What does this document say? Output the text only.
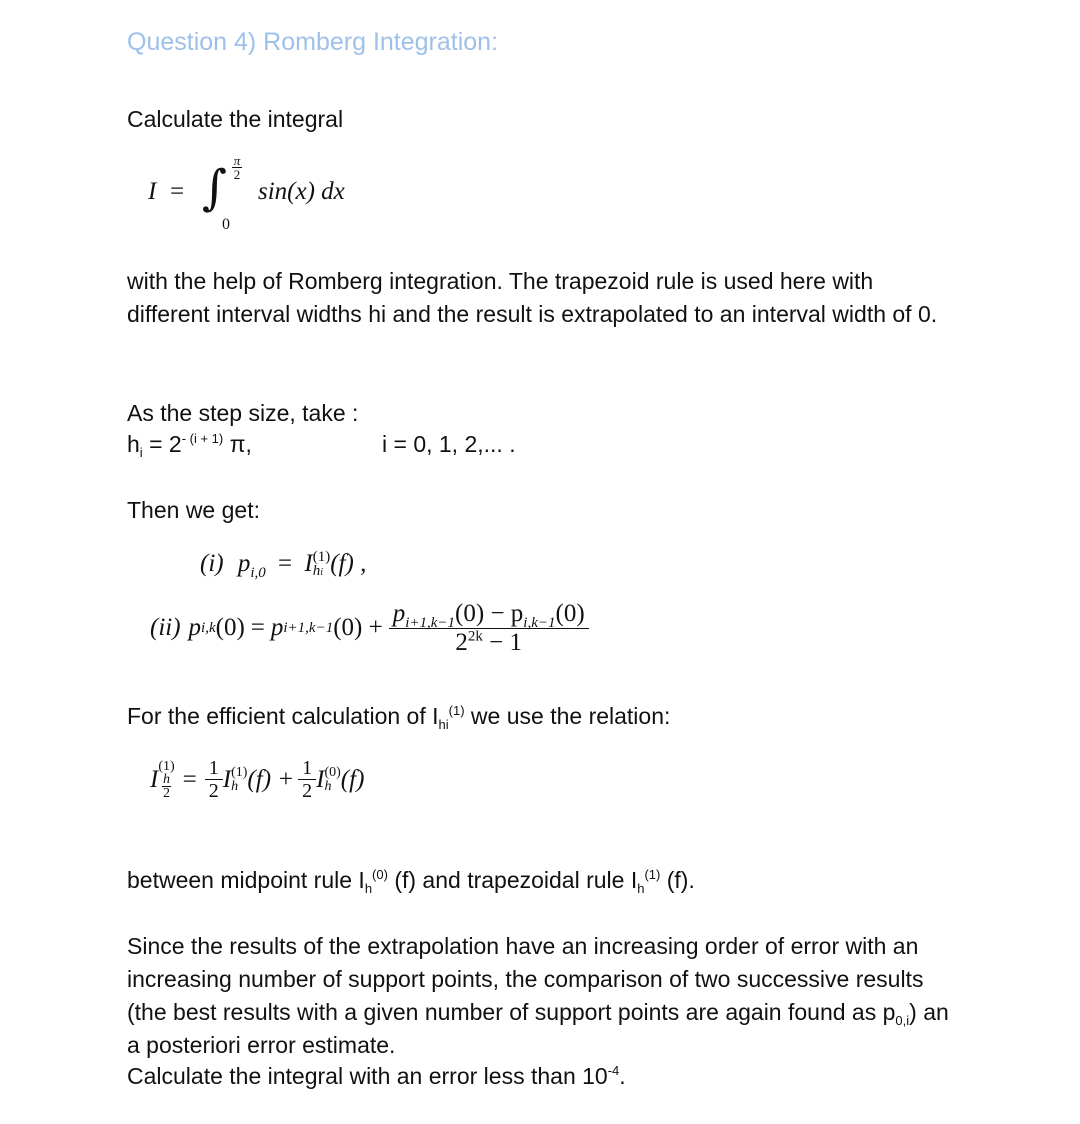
Question 4) Romberg Integration:
Calculate the integral
I = ∫ π
2
0
sin(x) dx
with the help of Romberg integration. The trapezoid rule is used here with different interval widths hi and the result is extrapolated to an interval width of 0.
As the step size, take :
$h_i = 2^{- (i + 1)}$ π,	i = 0, 1, 2,... .
Then we get:
(i) $p_{i,0} = I$ (1)
hi (f) ,
(ii) p i,k (0) = p i+1,k−1 $(0) + \frac{p_{i+1,k-1}(0) - p_{i,k-1}(0)}{2^{2k} - 1}$
For the efficient calculation of $I_{hi}^{(1)}$ we use the relation:
I (1)
h
2
= $\frac{1}{2}$ I (1)
h $(f) + \frac{1}{2}$ I (0)
h (f)
between midpoint rule $I_h^{(0)}$ (f) and trapezoidal rule $I_h^{(1)}$ (f).
Since the results of the extrapolation have an increasing order of error with an increasing number of support points, the comparison of two successive results (the best results with a given number of support points are again found as $p_{0,i}$) an a posteriori error estimate.
Calculate the integral with an error less than $10^{-4}$.
